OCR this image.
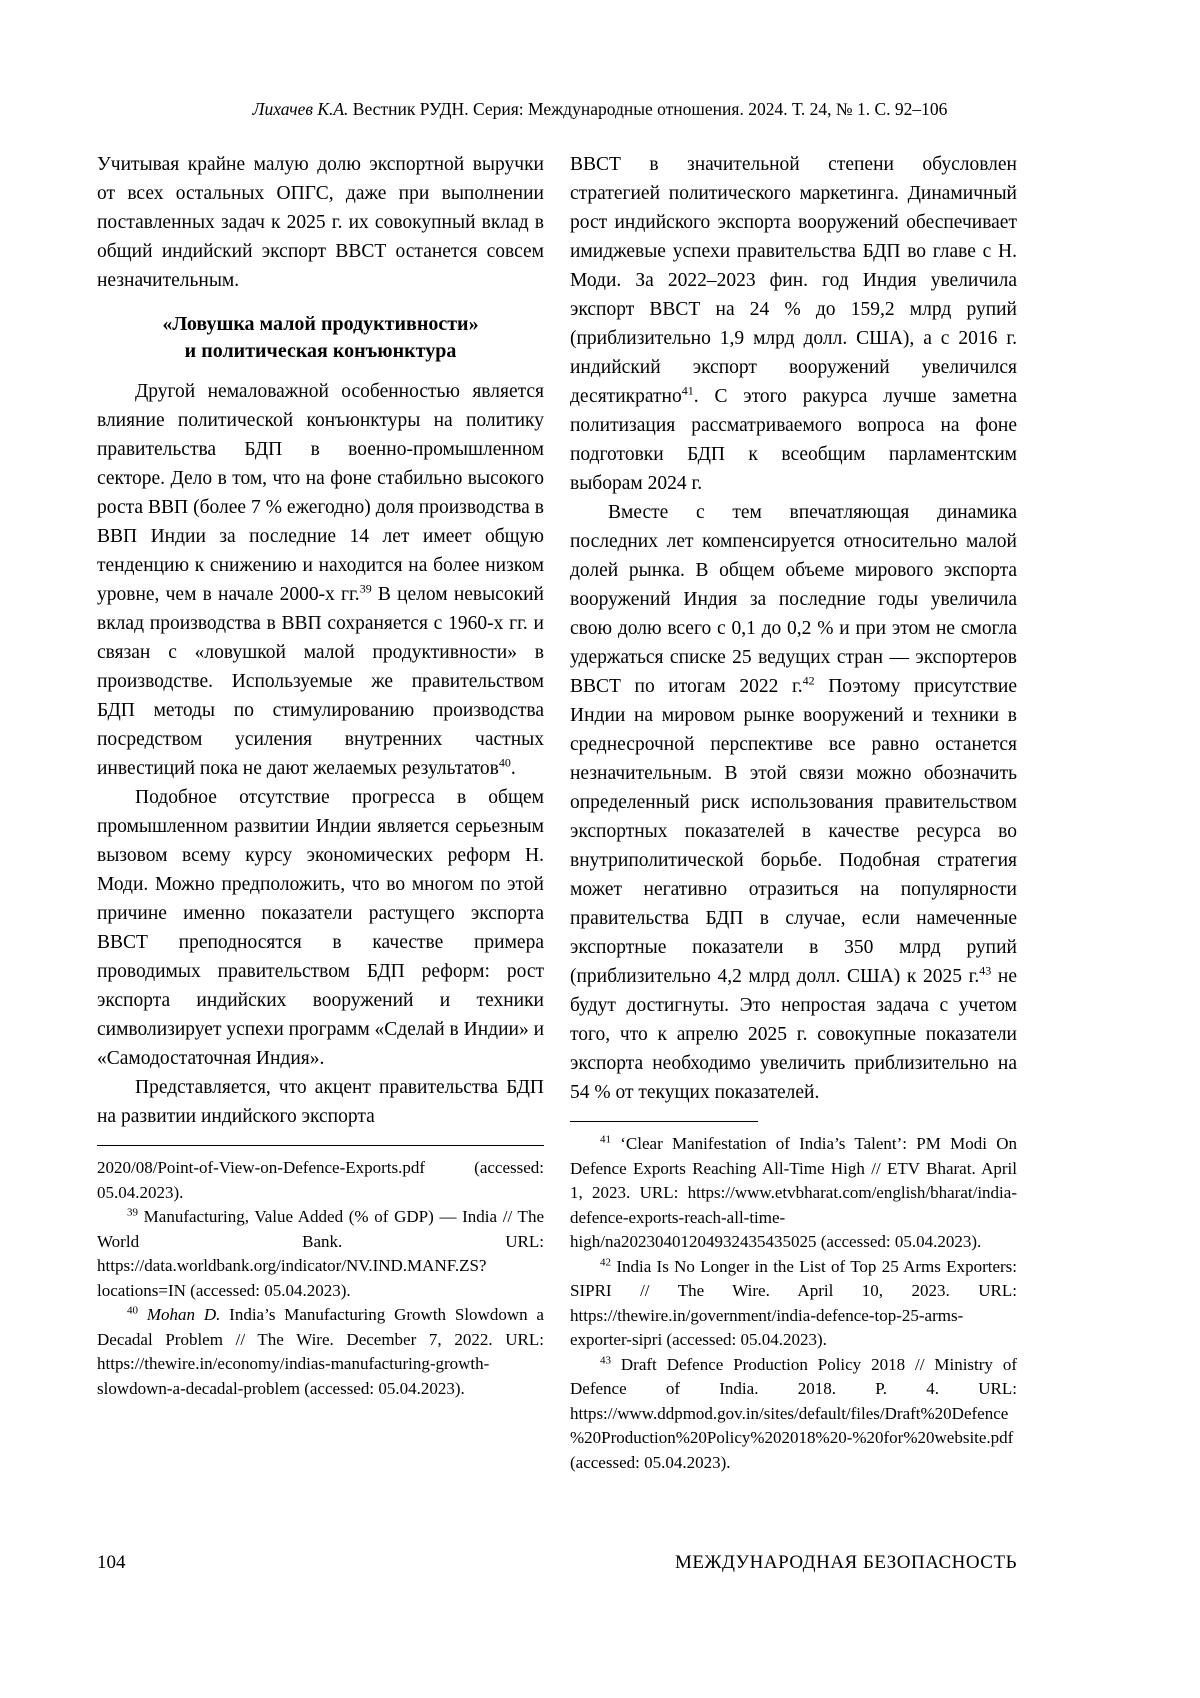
Лихачев К.А. Вестник РУДН. Серия: Международные отношения. 2024. Т. 24, № 1. С. 92–106

Учитывая крайне малую долю экспортной выручки от всех остальных ОПГС, даже при выполнении поставленных задач к 2025 г. их совокупный вклад в общий индийский экспорт ВВСТ останется совсем незначительным.

«Ловушка малой продуктивности»
и политическая конъюнктура

Другой немаловажной особенностью является влияние политической конъюнктуры на политику правительства БДП в военно-промышленном секторе. Дело в том, что на фоне стабильно высокого роста ВВП (более 7 % ежегодно) доля производства в ВВП Индии за последние 14 лет имеет общую тенденцию к снижению и находится на более низком уровне, чем в начале 2000-х гг.$^{39}$ В целом невысокий вклад производства в ВВП сохраняется с 1960-х гг. и связан с «ловушкой малой продуктивности» в производстве. Используемые же правительством БДП методы по стимулированию производства посредством усиления внутренних частных инвестиций пока не дают желаемых результатов$^{40}$.

Подобное отсутствие прогресса в общем промышленном развитии Индии является серьезным вызовом всему курсу экономических реформ Н. Моди. Можно предположить, что во многом по этой причине именно показатели растущего экспорта ВВСТ преподносятся в качестве примера проводимых правительством БДП реформ: рост экспорта индийских вооружений и техники символизирует успехи программ «Сделай в Индии» и «Самодостаточная Индия».

Представляется, что акцент правительства БДП на развитии индийского экспорта

2020/08/Point-of-View-on-Defence-Exports.pdf (accessed: 05.04.2023).

$^{39}$ Manufacturing, Value Added (% of GDP) — India // The World Bank. URL: https://data.worldbank.org/indicator/NV.IND.MANF.ZS?locations=IN (accessed: 05.04.2023).

$^{40}$ Mohan D. India’s Manufacturing Growth Slowdown a Decadal Problem // The Wire. December 7, 2022. URL: https://thewire.in/economy/indias-manufacturing-growth-slowdown-a-decadal-problem (accessed: 05.04.2023).

ВВСТ в значительной степени обусловлен стратегией политического маркетинга. Динамичный рост индийского экспорта вооружений обеспечивает имиджевые успехи правительства БДП во главе с Н. Моди. За 2022–2023 фин. год Индия увеличила экспорт ВВСТ на 24 % до 159,2 млрд рупий (приблизительно 1,9 млрд долл. США), а с 2016 г. индийский экспорт вооружений увеличился десятикратно$^{41}$. С этого ракурса лучше заметна политизация рассматриваемого вопроса на фоне подготовки БДП к всеобщим парламентским выборам 2024 г.

Вместе с тем впечатляющая динамика последних лет компенсируется относительно малой долей рынка. В общем объеме мирового экспорта вооружений Индия за последние годы увеличила свою долю всего с 0,1 до 0,2 % и при этом не смогла удержаться списке 25 ведущих стран — экспортеров ВВСТ по итогам 2022 г.$^{42}$ Поэтому присутствие Индии на мировом рынке вооружений и техники в среднесрочной перспективе все равно останется незначительным. В этой связи можно обозначить определенный риск использования правительством экспортных показателей в качестве ресурса во внутриполитической борьбе. Подобная стратегия может негативно отразиться на популярности правительства БДП в случае, если намеченные экспортные показатели в 350 млрд рупий (приблизительно 4,2 млрд долл. США) к 2025 г.$^{43}$ не будут достигнуты. Это непростая задача с учетом того, что к апрелю 2025 г. совокупные показатели экспорта необходимо увеличить приблизительно на 54 % от текущих показателей.

$^{41}$ ‘Clear Manifestation of India’s Talent’: PM Modi On Defence Exports Reaching All-Time High // ETV Bharat. April 1, 2023. URL: https://www.etvbharat.com/english/bharat/india-defence-exports-reach-all-time-high/na20230401204932435435025 (accessed: 05.04.2023).

$^{42}$ India Is No Longer in the List of Top 25 Arms Exporters: SIPRI // The Wire. April 10, 2023. URL: https://thewire.in/government/india-defence-top-25-arms-exporter-sipri (accessed: 05.04.2023).

$^{43}$ Draft Defence Production Policy 2018 // Ministry of Defence of India. 2018. P. 4. URL: https://www.ddpmod.gov.in/sites/default/files/Draft%20Defence%20Production%20Policy%202018%20-%20for%20website.pdf (accessed: 05.04.2023).

104	МЕЖДУНАРОДНАЯ БЕЗОПАСНОСТЬ
